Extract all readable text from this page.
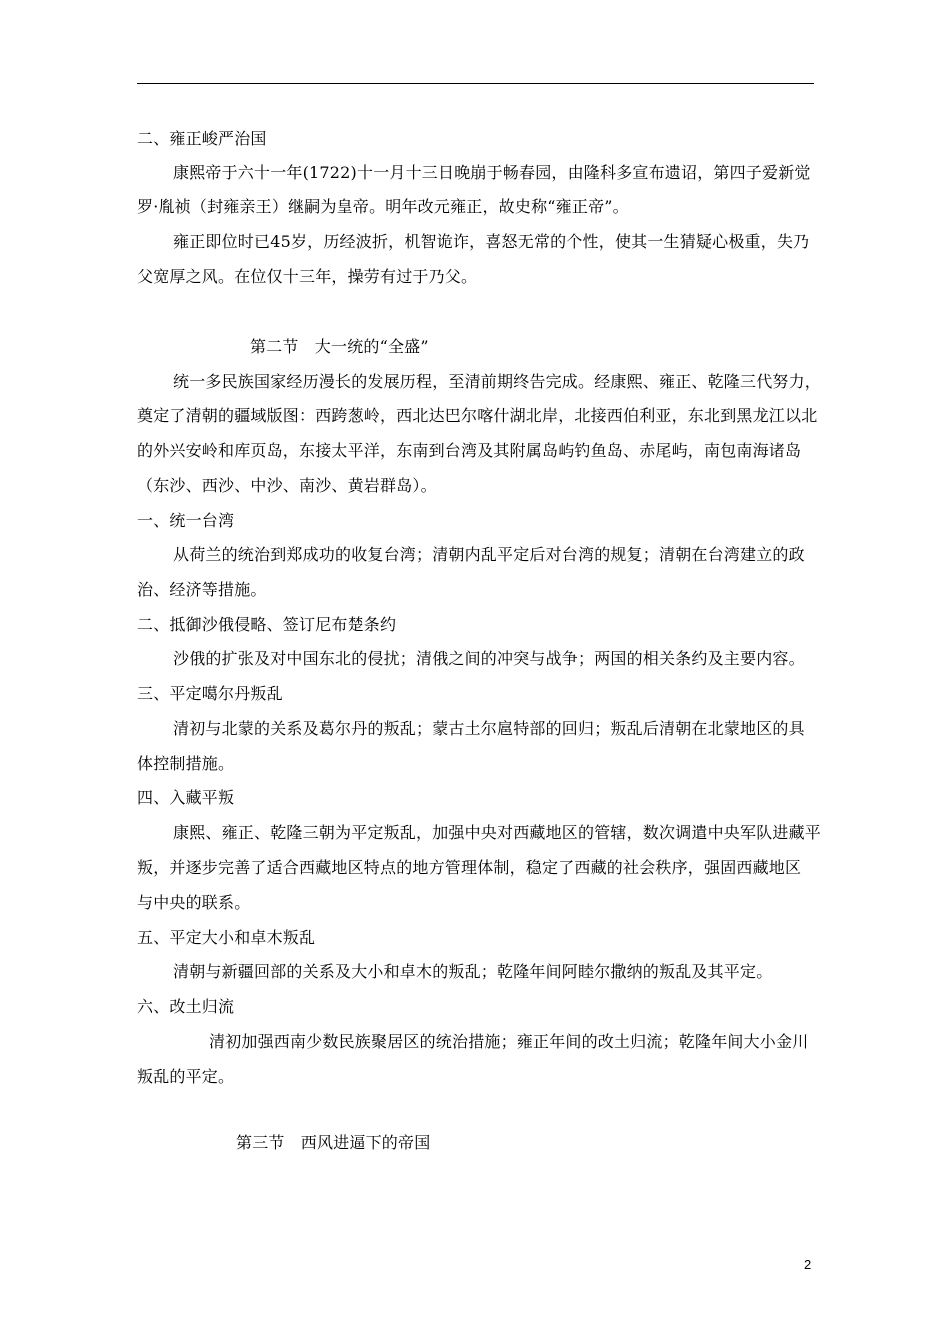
二、雍正峻严治国
康熙帝于六十一年(1722)十一月十三日晚崩于畅春园，由隆科多宣布遗诏，第四子爱新觉
罗·胤祯（封雍亲王）继嗣为皇帝。明年改元雍正，故史称“雍正帝”。
雍正即位时已45岁，历经波折，机智诡诈，喜怒无常的个性，使其一生猜疑心极重，失乃
父宽厚之风。在位仅十三年，操劳有过于乃父。
第二节　大一统的“全盛”
统一多民族国家经历漫长的发展历程，至清前期终告完成。经康熙、雍正、乾隆三代努力，
奠定了清朝的疆域版图：西跨葱岭，西北达巴尔喀什湖北岸，北接西伯利亚，东北到黑龙江以北
的外兴安岭和库页岛，东接太平洋，东南到台湾及其附属岛屿钓鱼岛、赤尾屿，南包南海诸岛
（东沙、西沙、中沙、南沙、黄岩群岛）。
一、统一台湾
从荷兰的统治到郑成功的收复台湾；清朝内乱平定后对台湾的规复；清朝在台湾建立的政
治、经济等措施。
二、抵御沙俄侵略、签订尼布楚条约
沙俄的扩张及对中国东北的侵扰；清俄之间的冲突与战争；两国的相关条约及主要内容。
三、平定噶尔丹叛乱
清初与北蒙的关系及葛尔丹的叛乱；蒙古土尔扈特部的回归；叛乱后清朝在北蒙地区的具
体控制措施。
四、入藏平叛
康熙、雍正、乾隆三朝为平定叛乱，加强中央对西藏地区的管辖，数次调遣中央军队进藏平
叛，并逐步完善了适合西藏地区特点的地方管理体制，稳定了西藏的社会秩序，强固西藏地区
与中央的联系。
五、平定大小和卓木叛乱
清朝与新疆回部的关系及大小和卓木的叛乱；乾隆年间阿睦尔撒纳的叛乱及其平定。
六、改土归流
清初加强西南少数民族聚居区的统治措施；雍正年间的改土归流；乾隆年间大小金川
叛乱的平定。
第三节　西风进逼下的帝国
2
